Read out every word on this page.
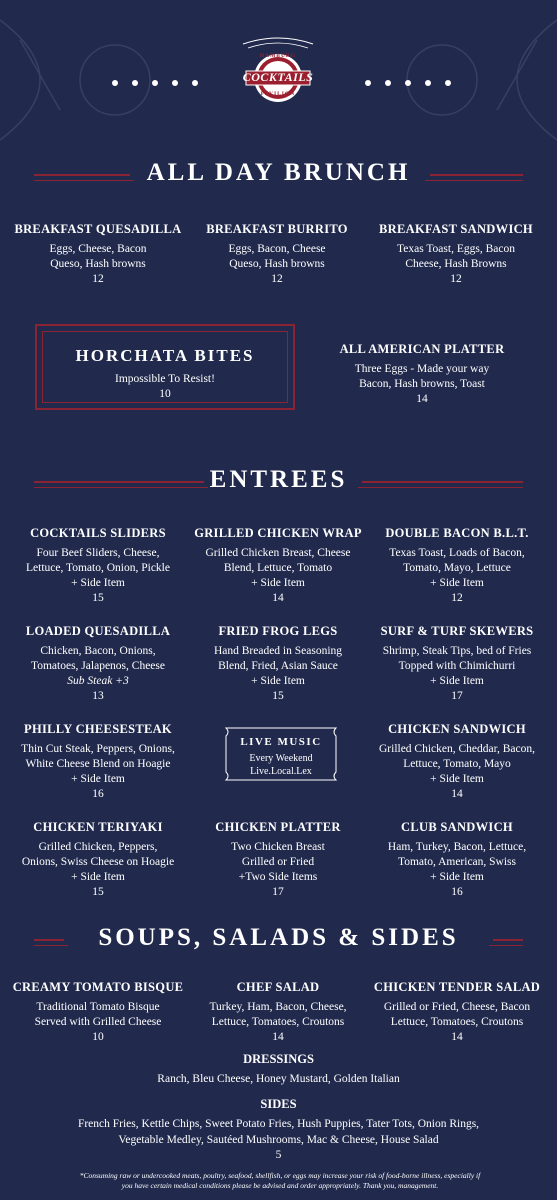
COCKTAILS
HAMBURG
PAVILION
ALL DAY BRUNCH
BREAKFAST QUESADILLA
Eggs, Cheese, Bacon
Queso, Hash browns
12
BREAKFAST BURRITO
Eggs, Bacon, Cheese
Queso, Hash browns
12
BREAKFAST SANDWICH
Texas Toast, Eggs, Bacon
Cheese, Hash Browns
12
HORCHATA BITES
Impossible To Resist!
10
ALL AMERICAN PLATTER
Three Eggs - Made your way
Bacon, Hash browns, Toast
14
ENTREES
COCKTAILS SLIDERS
Four Beef Sliders, Cheese,
Lettuce, Tomato, Onion, Pickle
+ Side Item
15
GRILLED CHICKEN WRAP
Grilled Chicken Breast, Cheese
Blend, Lettuce, Tomato
+ Side Item
14
DOUBLE BACON B.L.T.
Texas Toast, Loads of Bacon,
Tomato, Mayo, Lettuce
+ Side Item
12
LOADED QUESADILLA
Chicken, Bacon, Onions,
Tomatoes, Jalapenos, Cheese
Sub Steak +3
13
FRIED FROG LEGS
Hand Breaded in Seasoning
Blend, Fried, Asian Sauce
+ Side Item
15
SURF & TURF SKEWERS
Shrimp, Steak Tips, bed of Fries
Topped with Chimichurri
+ Side Item
17
PHILLY CHEESESTEAK
Thin Cut Steak, Peppers, Onions,
White Cheese Blend on Hoagie
+ Side Item
16
LIVE MUSIC
Every Weekend
Live.Local.Lex
CHICKEN SANDWICH
Grilled Chicken, Cheddar, Bacon,
Lettuce, Tomato, Mayo
+ Side Item
14
CHICKEN TERIYAKI
Grilled Chicken, Peppers,
Onions, Swiss Cheese on Hoagie
+ Side Item
15
CHICKEN PLATTER
Two Chicken Breast
Grilled or Fried
+Two Side Items
17
CLUB SANDWICH
Ham, Turkey, Bacon, Lettuce,
Tomato, American, Swiss
+ Side Item
16
SOUPS, SALADS & SIDES
CREAMY TOMATO BISQUE
Traditional Tomato Bisque
Served with Grilled Cheese
10
CHEF SALAD
Turkey, Ham, Bacon, Cheese,
Lettuce, Tomatoes, Croutons
14
CHICKEN TENDER SALAD
Grilled or Fried, Cheese, Bacon
Lettuce, Tomatoes, Croutons
14
DRESSINGS
Ranch, Bleu Cheese, Honey Mustard, Golden Italian
SIDES
French Fries, Kettle Chips, Sweet Potato Fries, Hush Puppies, Tater Tots, Onion Rings,
Vegetable Medley, Sautéed Mushrooms, Mac & Cheese, House Salad
5
*Consuming raw or undercooked meats, poultry, seafood, shellfish, or eggs may increase your risk of food-borne illness, especially if
you have certain medical conditions please be advised and order appropriately. Thank you, management.
